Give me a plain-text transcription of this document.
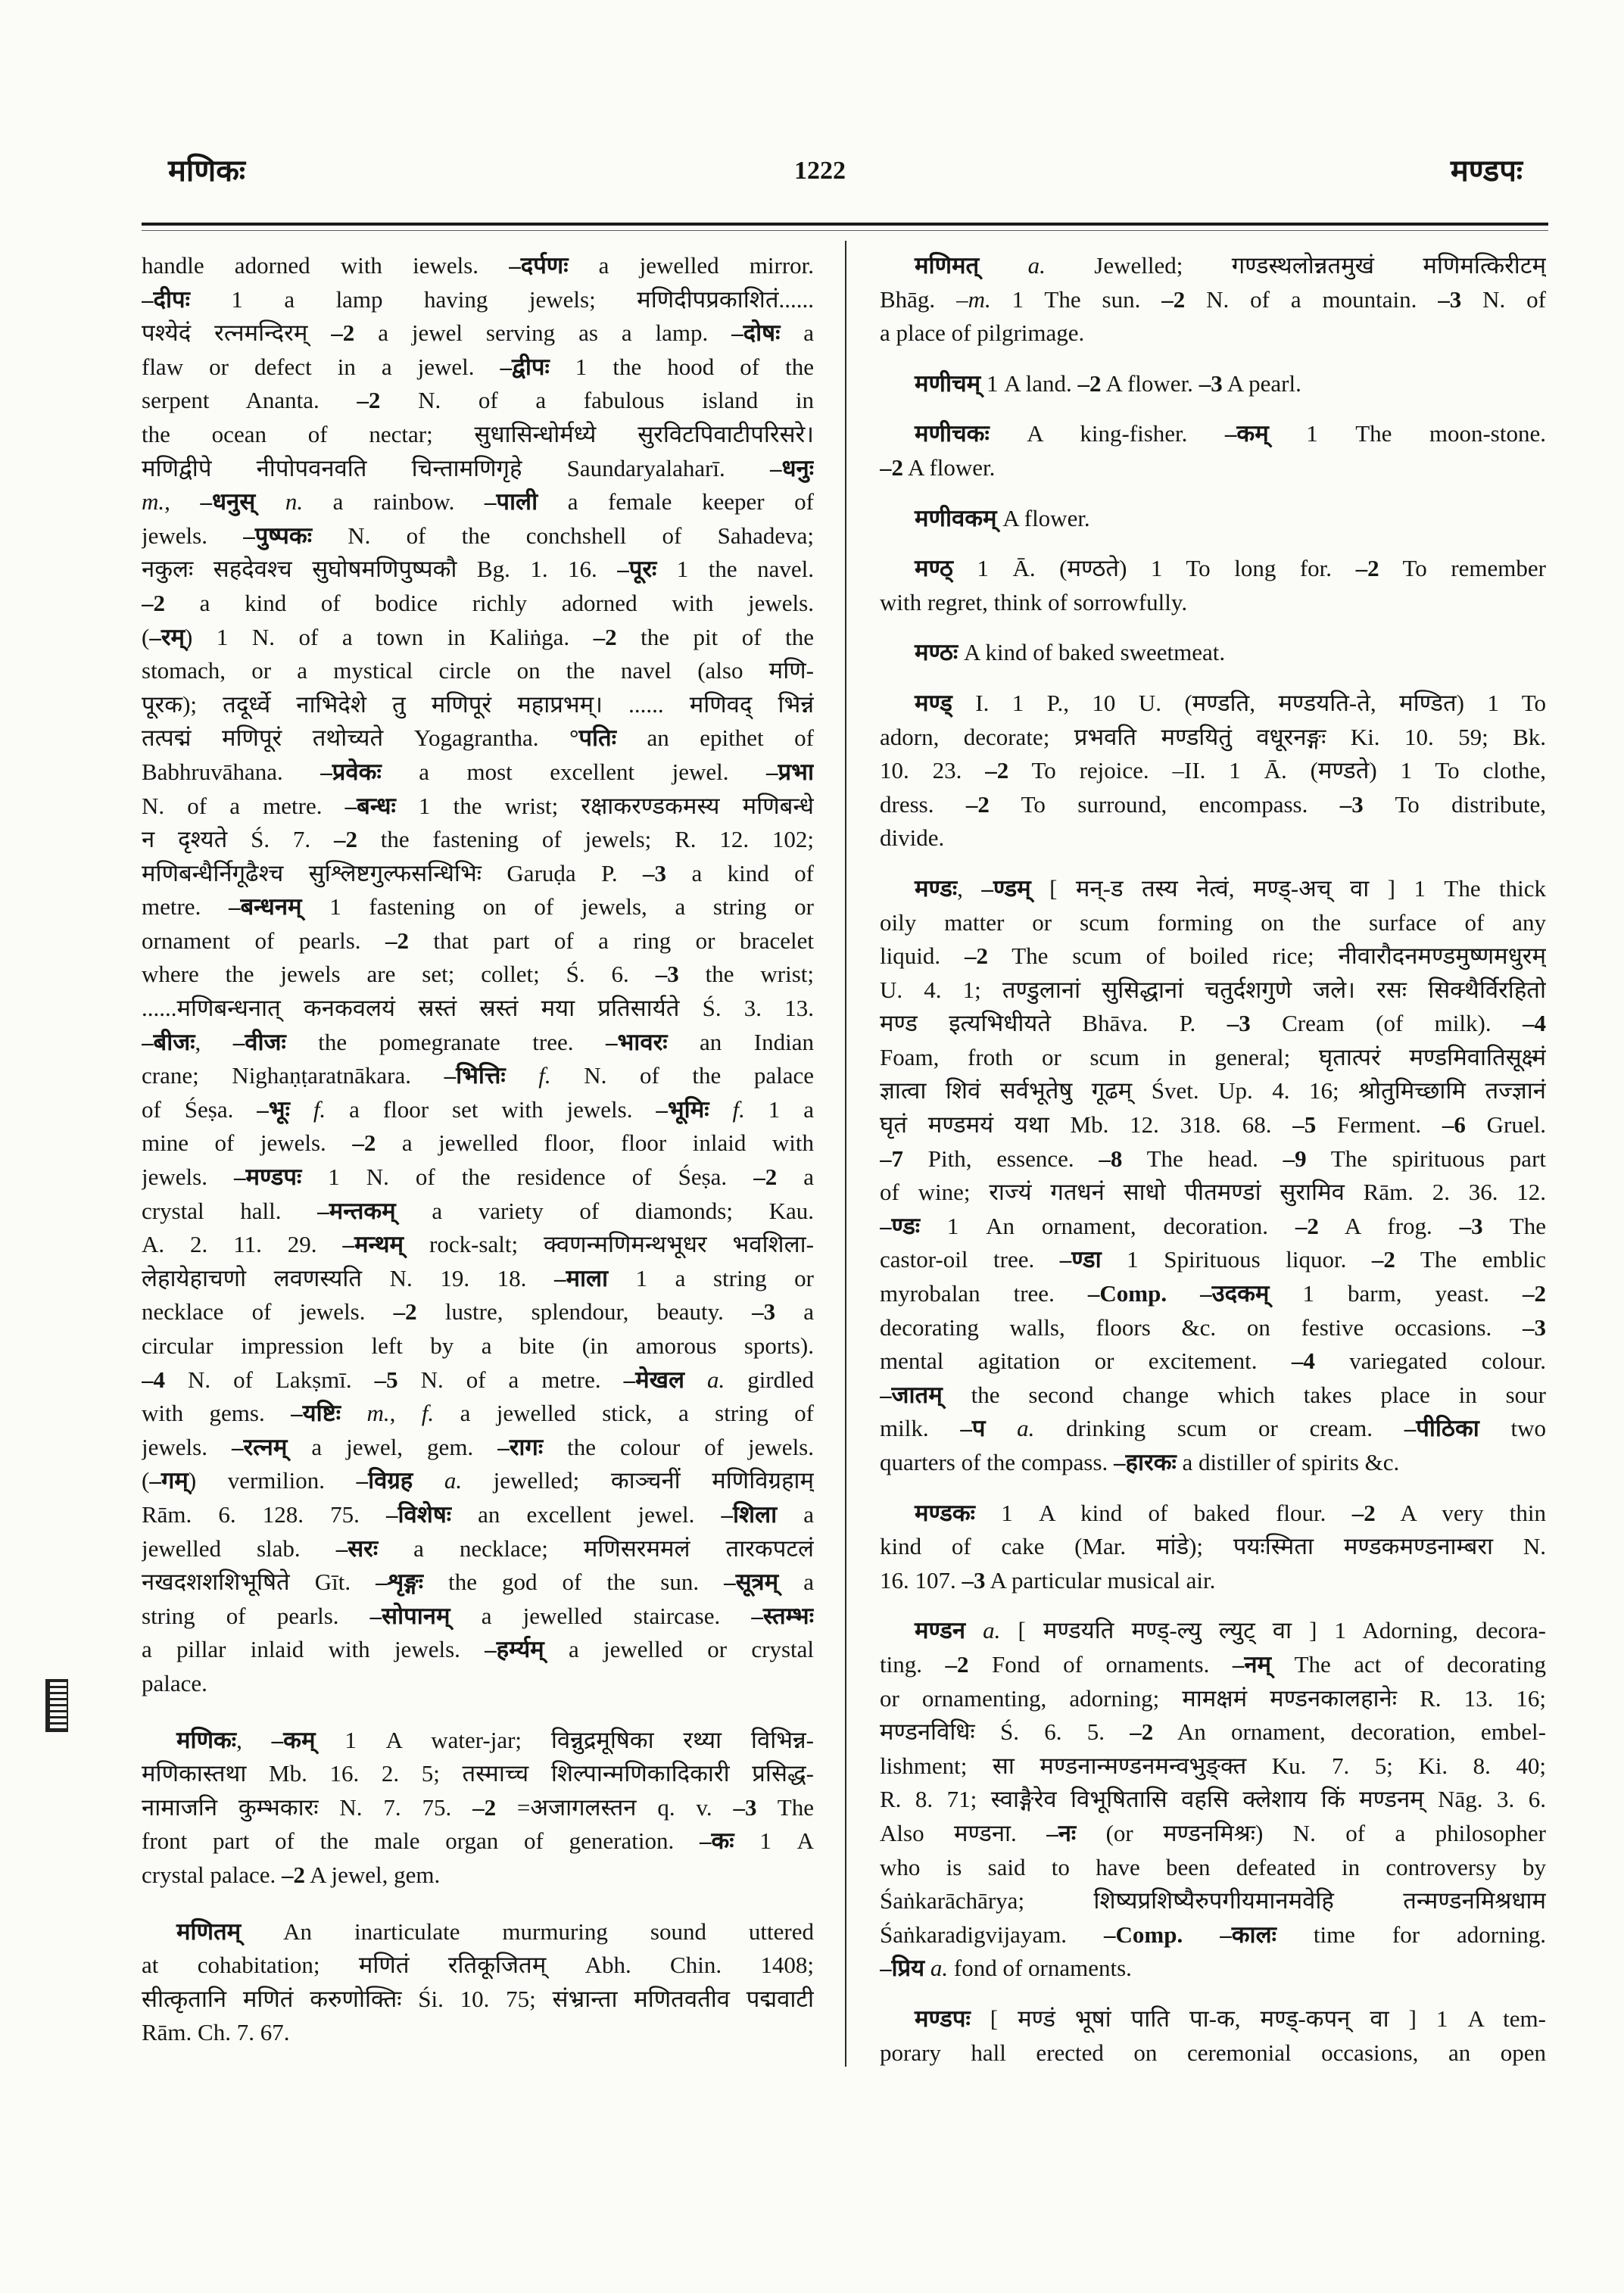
मणिकः	1222	मण्डपः
handle adorned with iewels. –दर्पणः a jewelled mirror.
–दीपः 1 a lamp having jewels; मणिदीपप्रकाशितं......
पश्येदं रत्नमन्दिरम् –2 a jewel serving as a lamp. –दोषः a
flaw or defect in a jewel. –द्वीपः 1 the hood of the
serpent Ananta. –2 N. of a fabulous island in
the ocean of nectar; सुधासिन्धोर्मध्ये सुरविटपिवाटीपरिसरे।
मणिद्वीपे नीपोपवनवति चिन्तामणिगृहे Saundaryalaharī. –धनुः
m., –धनुस् n. a rainbow. –पाली a female keeper of
jewels. –पुष्पकः N. of the conchshell of Sahadeva;
नकुलः सहदेवश्च सुघोषमणिपुष्पकौ Bg. 1. 16. –पूरः 1 the navel.
–2 a kind of bodice richly adorned with jewels.
(–रम्) 1 N. of a town in Kaliṅga. –2 the pit of the
stomach, or a mystical circle on the navel (also मणि-
पूरक); तदूर्ध्वे नाभिदेशे तु मणिपूरं महाप्रभम्। ...... मणिवद् भिन्नं
तत्पद्मं मणिपूरं तथोच्यते Yogagrantha. °पतिः an epithet of
Babhruvāhana. –प्रवेकः a most excellent jewel. –प्रभा
N. of a metre. –बन्धः 1 the wrist; रक्षाकरण्डकमस्य मणिबन्धे
न दृश्यते Ś. 7. –2 the fastening of jewels; R. 12. 102;
मणिबन्धैर्निगूढैश्च सुश्लिष्टगुल्फसन्धिभिः Garuḍa P. –3 a kind of
metre. –बन्धनम् 1 fastening on of jewels, a string or
ornament of pearls. –2 that part of a ring or bracelet
where the jewels are set; collet; Ś. 6. –3 the wrist;
......मणिबन्धनात् कनकवलयं स्रस्तं स्रस्तं मया प्रतिसार्यते Ś. 3. 13.
–बीजः, –वीजः the pomegranate tree. –भावरः an Indian
crane; Nighaṇṭaratnākara. –भित्तिः f. N. of the palace
of Śeṣa. –भूः f. a floor set with jewels. –भूमिः f. 1 a
mine of jewels. –2 a jewelled floor, floor inlaid with
jewels. –मण्डपः 1 N. of the residence of Śeṣa. –2 a
crystal hall. –मन्तकम् a variety of diamonds; Kau.
A. 2. 11. 29. –मन्थम् rock-salt; क्वणन्मणिमन्थभूधर भवशिला-
लेहायेहाचणो लवणस्यति N. 19. 18. –माला 1 a string or
necklace of jewels. –2 lustre, splendour, beauty. –3 a
circular impression left by a bite (in amorous sports).
–4 N. of Lakṣmī. –5 N. of a metre. –मेखल a. girdled
with gems. –यष्टिः m., f. a jewelled stick, a string of
jewels. –रत्नम् a jewel, gem. –रागः the colour of jewels.
(–गम्) vermilion. –विग्रह a. jewelled; काञ्चनीं मणिविग्रहाम्
Rām. 6. 128. 75. –विशेषः an excellent jewel. –शिला a
jewelled slab. –सरः a necklace; मणिसरममलं तारकपटलं
नखदशशशिभूषिते Gīt. –शृङ्गः the god of the sun. –सूत्रम् a
string of pearls. –सोपानम् a jewelled staircase. –स्तम्भः
a pillar inlaid with jewels. –हर्म्यम् a jewelled or crystal
palace.
मणिकः, –कम् 1 A water-jar; विन्नुद्रमूषिका रथ्या विभिन्न-
मणिकास्तथा Mb. 16. 2. 5; तस्माच्च शिल्पान्मणिकादिकारी प्रसिद्ध-
नामाजनि कुम्भकारः N. 7. 75. –2 =अजागलस्तन q. v. –3 The
front part of the male organ of generation. –कः 1 A
crystal palace. –2 A jewel, gem.
मणितम् An inarticulate murmuring sound uttered
at cohabitation; मणितं रतिकूजितम् Abh. Chin. 1408;
सीत्कृतानि मणितं करुणोक्तिः Śi. 10. 75; संभ्रान्ता मणितवतीव पद्मवाटी
Rām. Ch. 7. 67.
मणिमत् a. Jewelled; गण्डस्थलोन्नतमुखं मणिमत्किरीटम्
Bhāg. –m. 1 The sun. –2 N. of a mountain. –3 N. of
a place of pilgrimage.
मणीचम् 1 A land. –2 A flower. –3 A pearl.
मणीचकः A king-fisher. –कम् 1 The moon-stone.
–2 A flower.
मणीवकम् A flower.
मण्ठ् 1 Ā. (मण्ठते) 1 To long for. –2 To remember
with regret, think of sorrowfully.
मण्ठः A kind of baked sweetmeat.
मण्ड् I. 1 P., 10 U. (मण्डति, मण्डयति-ते, मण्डित) 1 To
adorn, decorate; प्रभवति मण्डयितुं वधूरनङ्गः Ki. 10. 59; Bk.
10. 23. –2 To rejoice. –II. 1 Ā. (मण्डते) 1 To clothe,
dress. –2 To surround, encompass. –3 To distribute,
divide.
मण्डः, –ण्डम् [ मन्-ड तस्य नेत्वं, मण्ड्-अच् वा ] 1 The thick
oily matter or scum forming on the surface of any
liquid. –2 The scum of boiled rice; नीवारौदनमण्डमुष्णमधुरम्
U. 4. 1; तण्डुलानां सुसिद्धानां चतुर्दशगुणे जले। रसः सिक्थैर्विरहितो
मण्ड इत्यभिधीयते Bhāva. P. –3 Cream (of milk). –4
Foam, froth or scum in general; घृतात्परं मण्डमिवातिसूक्ष्मं
ज्ञात्वा शिवं सर्वभूतेषु गूढम् Śvet. Up. 4. 16; श्रोतुमिच्छामि तज्ज्ञानं
घृतं मण्डमयं यथा Mb. 12. 318. 68. –5 Ferment. –6 Gruel.
–7 Pith, essence. –8 The head. –9 The spirituous part
of wine; राज्यं गतधनं साधो पीतमण्डां सुरामिव Rām. 2. 36. 12.
–ण्डः 1 An ornament, decoration. –2 A frog. –3 The
castor-oil tree. –ण्डा 1 Spirituous liquor. –2 The emblic
myrobalan tree. –Comp. –उदकम् 1 barm, yeast. –2
decorating walls, floors &c. on festive occasions. –3
mental agitation or excitement. –4 variegated colour.
–जातम् the second change which takes place in sour
milk. –प a. drinking scum or cream. –पीठिका two
quarters of the compass. –हारकः a distiller of spirits &c.
मण्डकः 1 A kind of baked flour. –2 A very thin
kind of cake (Mar. मांडे); पयःस्मिता मण्डकमण्डनाम्बरा N.
16. 107. –3 A particular musical air.
मण्डन a. [ मण्डयति मण्ड्-ल्यु ल्युट् वा ] 1 Adorning, decora-
ting. –2 Fond of ornaments. –नम् The act of decorating
or ornamenting, adorning; मामक्षमं मण्डनकालहानेः R. 13. 16;
मण्डनविधिः Ś. 6. 5. –2 An ornament, decoration, embel-
lishment; सा मण्डनान्मण्डनमन्वभुङ्क्त Ku. 7. 5; Ki. 8. 40;
R. 8. 71; स्वाङ्गैरेव विभूषितासि वहसि क्लेशाय किं मण्डनम् Nāg. 3. 6.
Also मण्डना. –नः (or मण्डनमिश्रः) N. of a philosopher
who is said to have been defeated in controversy by
Śaṅkarāchārya; शिष्यप्रशिष्यैरुपगीयमानमवेहि तन्मण्डनमिश्रधाम
Śaṅkaradigvijayam. –Comp. –कालः time for adorning.
–प्रिय a. fond of ornaments.
मण्डपः [ मण्डं भूषां पाति पा-क, मण्ड्-कपन् वा ] 1 A tem-
porary hall erected on ceremonial occasions, an open
